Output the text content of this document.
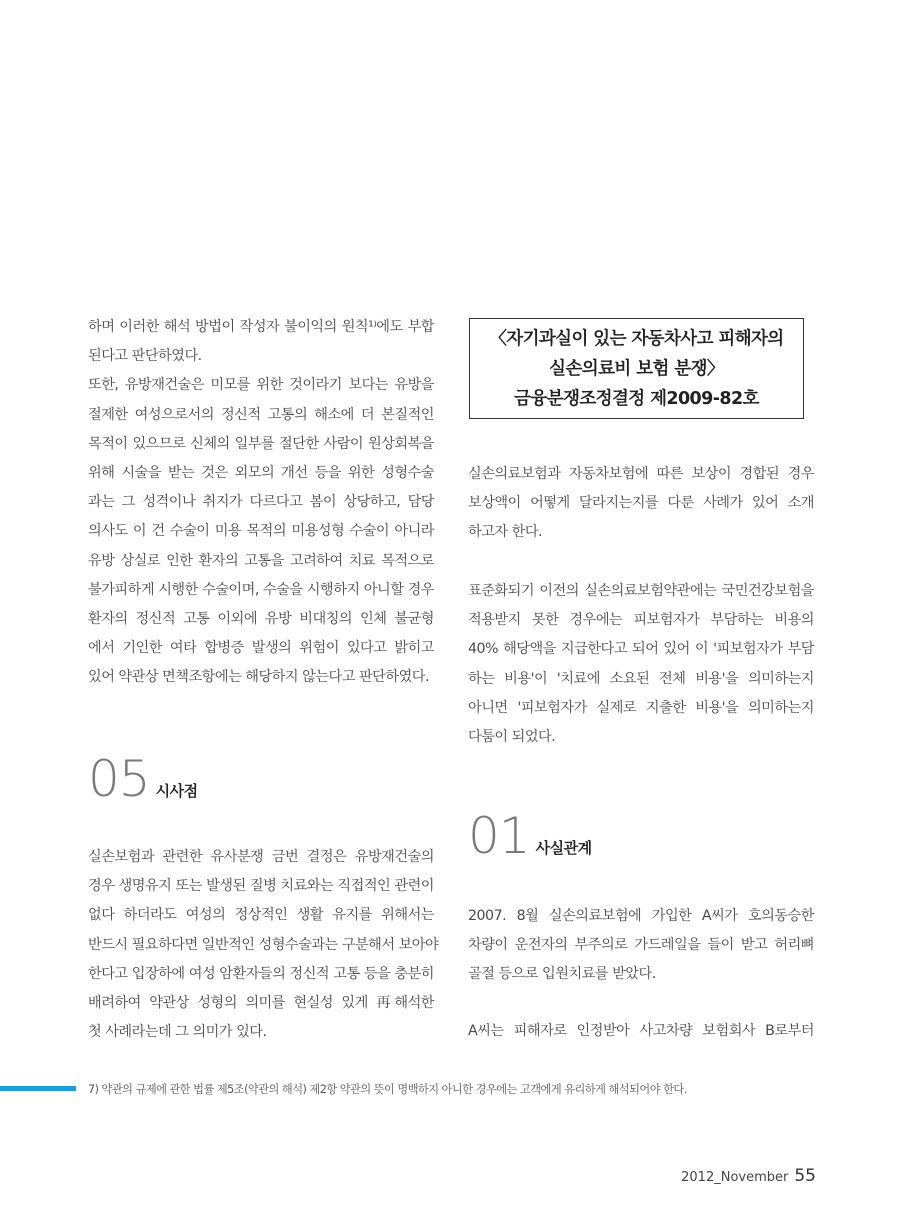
하며 이러한 해석 방법이 작성자 불이익의 원칙¹⁾에도 부합
된다고 판단하였다.

또한, 유방재건술은 미모를 위한 것이라기 보다는 유방을
절제한 여성으로서의 정신적 고통의 해소에 더 본질적인
목적이 있으므로 신체의 일부를 절단한 사람이 원상회복을
위해 시술을 받는 것은 외모의 개선 등을 위한 성형수술
과는 그 성격이나 취지가 다르다고 봄이 상당하고, 담당
의사도 이 건 수술이 미용 목적의 미용성형 수술이 아니라
유방 상실로 인한 환자의 고통을 고려하여 치료 목적으로
불가피하게 시행한 수술이며, 수술을 시행하지 아니할 경우
환자의 정신적 고통 이외에 유방 비대칭의 인체 불균형
에서 기인한 여타 합병증 발생의 위험이 있다고 밝히고
있어 약관상 면책조항에는 해당하지 않는다고 판단하였다.

05 시사점

실손보험과 관련한 유사분쟁 금번 결정은 유방재건술의
경우 생명유지 또는 발생된 질병 치료와는 직접적인 관련이
없다 하더라도 여성의 정상적인 생활 유지를 위해서는
반드시 필요하다면 일반적인 성형수술과는 구분해서 보아야
한다고 입장하에 여성 암환자들의 정신적 고통 등을 충분히
배려하여 약관상 성형의 의미를 현실성 있게 再해석한
첫 사례라는데 그 의미가 있다.

〈자기과실이 있는 자동차사고 피해자의
실손의료비 보험 분쟁〉
금융분쟁조정결정 제2009-82호

실손의료보험과 자동차보험에 따른 보상이 경합된 경우
보상액이 어떻게 달라지는지를 다룬 사례가 있어 소개
하고자 한다.

표준화되기 이전의 실손의료보험약관에는 국민건강보험을
적용받지 못한 경우에는 피보험자가 부담하는 비용의
40% 해당액을 지급한다고 되어 있어 이 '피보험자가 부담
하는 비용'이 '치료에 소요된 전체 비용'을 의미하는지
아니면 '피보험자가 실제로 지출한 비용'을 의미하는지
다툼이 되었다.

01 사실관계

2007. 8월 실손의료보험에 가입한 A씨가 호의동승한
차량이 운전자의 부주의로 가드레일을 들이 받고 허리뼈
골절 등으로 입원치료를 받았다.

A씨는 피해자로 인정받아 사고차량 보험회사 B로부터

7) 약관의 규제에 관한 법률 제5조(약관의 해석) 제2항 약관의 뜻이 명백하지 아니한 경우에는 고객에게 유리하게 해석되어야 한다.
2012_November 55
